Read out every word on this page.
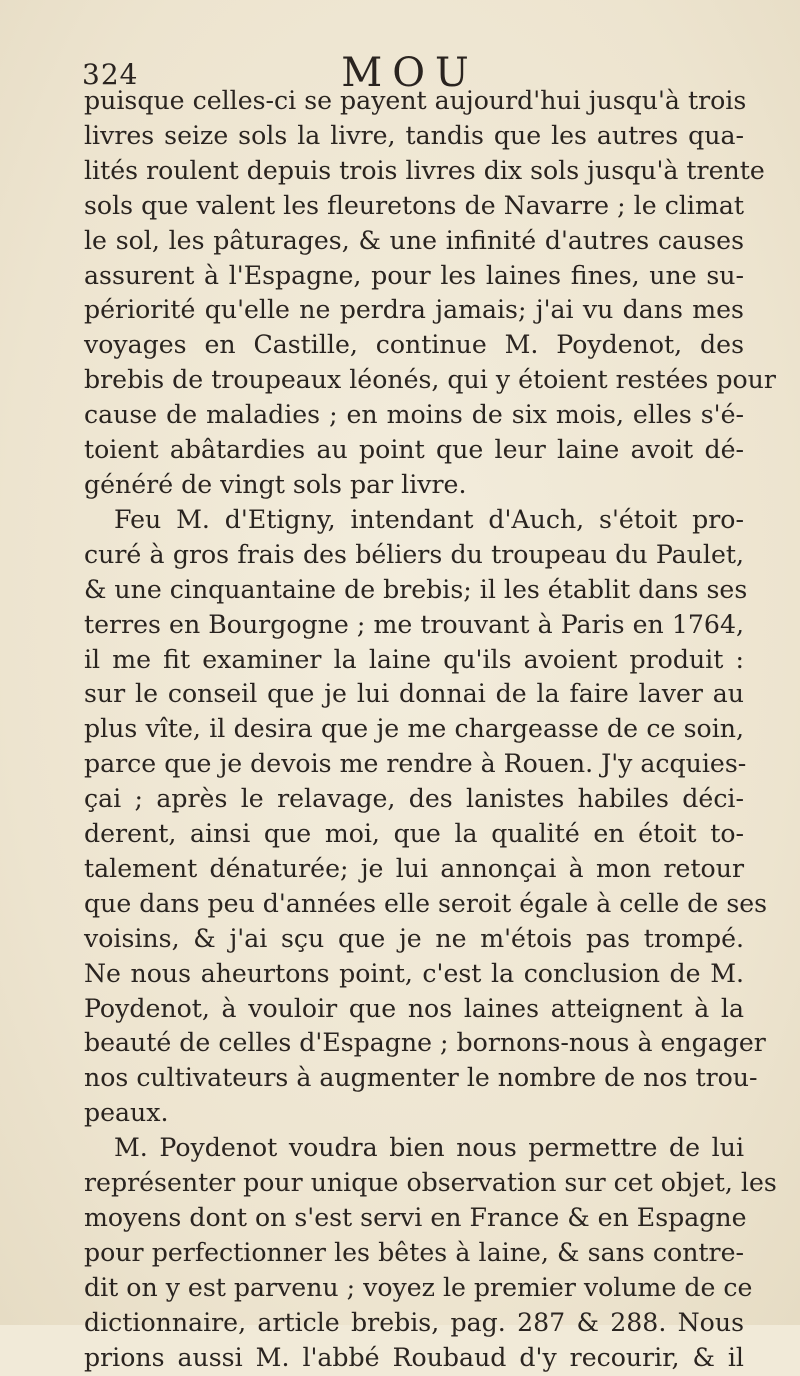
324	MOU
puisque celles-ci se payent aujourd'hui jusqu'à trois
livres seize sols la livre, tandis que les autres qua-
lités roulent depuis trois livres dix sols jusqu'à trente
sols que valent les fleuretons de Navarre ; le climat
le sol, les pâturages, & une infinité d'autres causes
assurent à l'Espagne, pour les laines fines, une su-
périorité qu'elle ne perdra jamais; j'ai vu dans mes
voyages en Castille, continue M. Poydenot, des
brebis de troupeaux léonés, qui y étoient restées pour
cause de maladies ; en moins de six mois, elles s'é-
toient abâtardies au point que leur laine avoit dé-
généré de vingt sols par livre.
Feu M. d'Etigny, intendant d'Auch, s'étoit pro-
curé à gros frais des béliers du troupeau du Paulet,
& une cinquantaine de brebis; il les établit dans ses
terres en Bourgogne ; me trouvant à Paris en 1764,
il me fit examiner la laine qu'ils avoient produit :
sur le conseil que je lui donnai de la faire laver au
plus vîte, il desira que je me chargeasse de ce soin,
parce que je devois me rendre à Rouen. J'y acquies-
çai ; après le relavage, des lanistes habiles déci-
derent, ainsi que moi, que la qualité en étoit to-
talement dénaturée; je lui annonçai à mon retour
que dans peu d'années elle seroit égale à celle de ses
voisins, & j'ai sçu que je ne m'étois pas trompé.
Ne nous aheurtons point, c'est la conclusion de M.
Poydenot, à vouloir que nos laines atteignent à la
beauté de celles d'Espagne ; bornons-nous à engager
nos cultivateurs à augmenter le nombre de nos trou-
peaux.
M. Poydenot voudra bien nous permettre de lui
représenter pour unique observation sur cet objet, les
moyens dont on s'est servi en France & en Espagne
pour perfectionner les bêtes à laine, & sans contre-
dit on y est parvenu ; voyez le premier volume de ce
dictionnaire, article brebis, pag. 287 & 288. Nous
prions aussi M. l'abbé Roubaud d'y recourir, & il
